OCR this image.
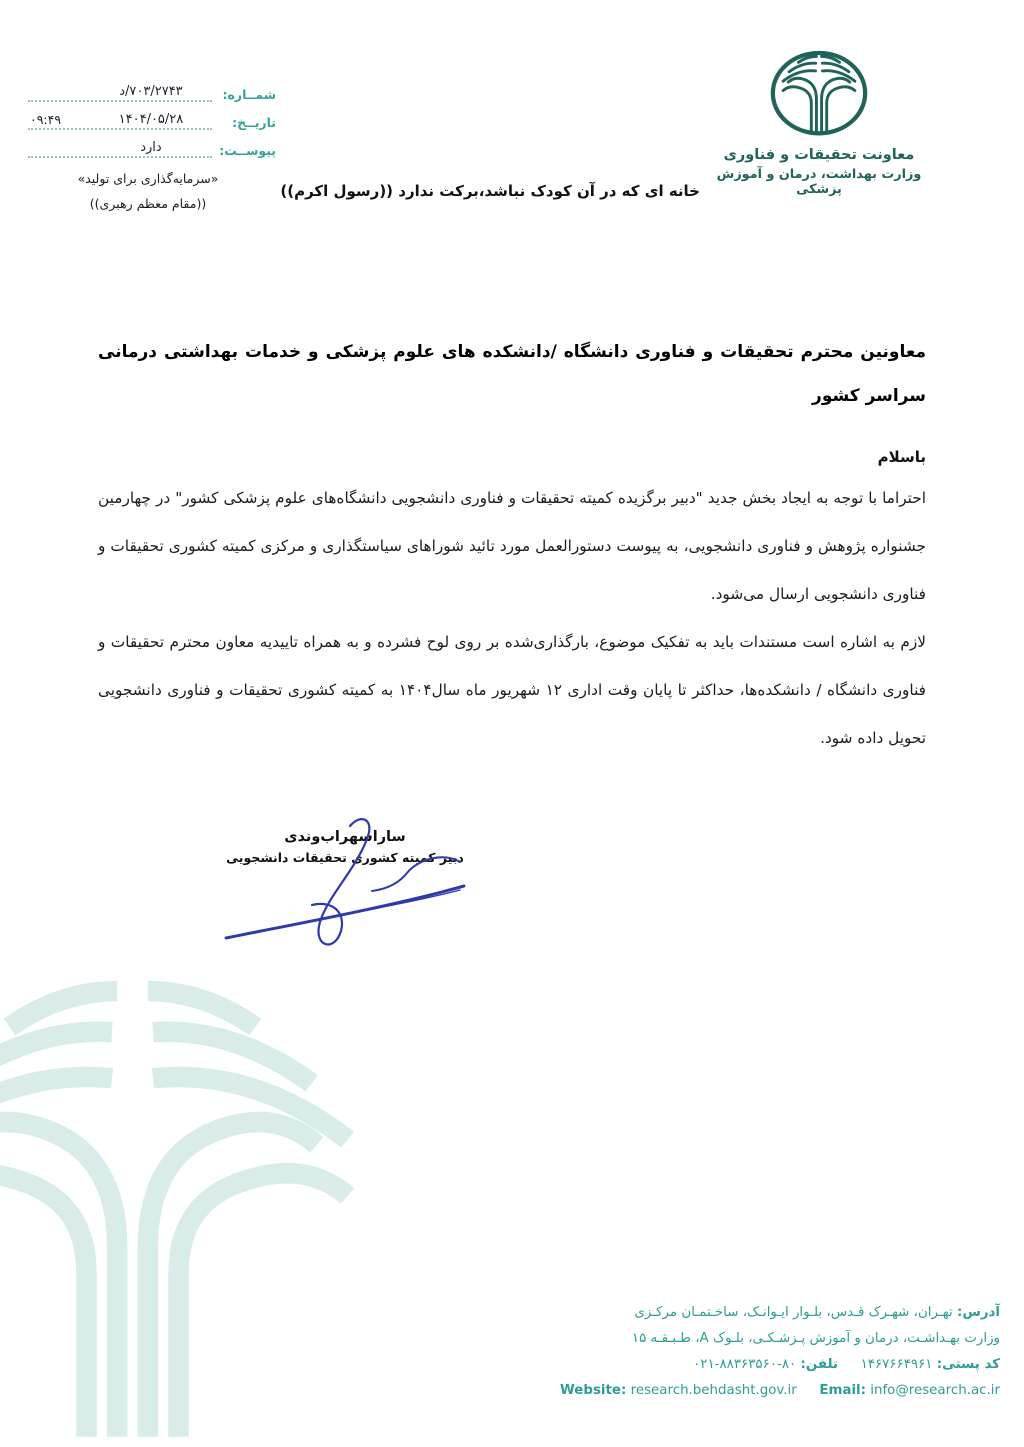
شمــاره:
د/۷۰۳/۲۷۴۳
تاریــخ:
۱۴۰۴/۰۵/۲۸
۰۹:۴۹
پیوســت:
دارد
«سرمایه‌گذاری برای تولید»
((مقام معظم رهبری))
خانه ای که در آن کودک نباشد،برکت ندارد ((رسول اکرم))
معاونت تحقیقات و فناوری
وزارت بهداشت، درمان و آموزش پزشکی
معاونین محترم تحقیقات و فناوری دانشگاه /دانشکده های علوم پزشکی و خدمات بهداشتی درمانی سراسر کشور
باسلام

احتراما با توجه به ایجاد بخش جدید "دبیر برگزیده کمیته تحقیقات و فناوری دانشجویی دانشگاه‌های علوم پزشکی کشور" در چهارمین جشنواره پژوهش و فناوری دانشجویی، به پیوست دستورالعمل مورد تائید شوراهای سیاستگذاری و مرکزی کمیته کشوری تحقیقات و فناوری دانشجویی ارسال می‌شود.

لازم به اشاره است مستندات باید به تفکیک موضوع، بارگذاری‌شده بر روی لوح فشرده و به همراه تاییدیه معاون محترم تحقیقات و فناوری دانشگاه / دانشکده‌ها، حداکثر تا پایان وقت اداری ۱۲ شهریور ماه سال۱۴۰۴ به کمیته کشوری تحقیقات و فناوری دانشجویی تحویل داده شود.

ساراسهراب‌وندی
دبیر کمیته کشوری تحقیقات دانشجویی
آدرس: تهـران، شهـرک قـدس، بلـوار ایـوانـک، ساخـتمـان مرکـزی
وزارت بهـداشـت، درمان و آموزش پـزشـکـی، بلـوک A، طـبـقـه ۱۵
کد پستی: ۱۴۶۷۶۶۴۹۶۱  تلفن: ۰۲۱-۸۸۳۶۳۵۶۰-۸۰
Website: research.behdasht.gov.ir Email: info@research.ac.ir
